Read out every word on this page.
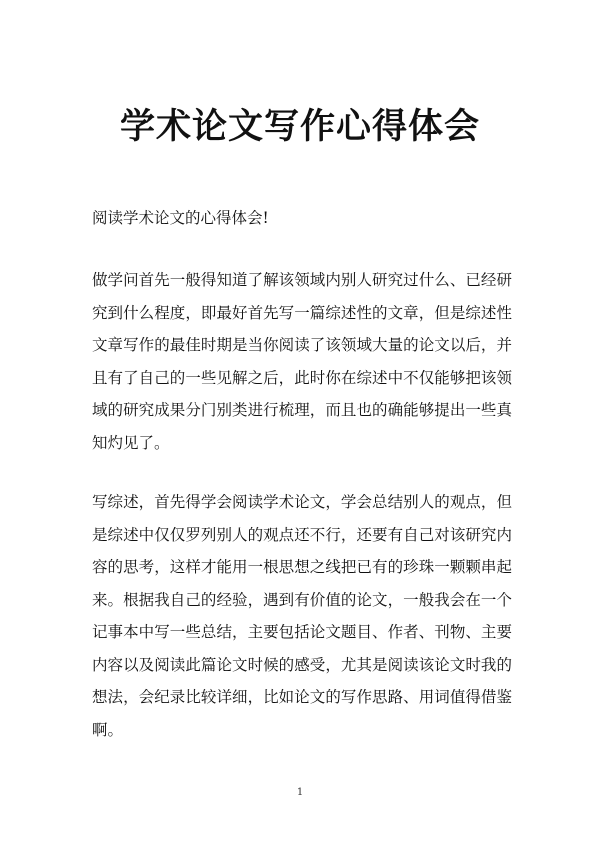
学术论文写作心得体会

阅读学术论文的心得体会!

做学问首先一般得知道了解该领域内别人研究过什么、已经研究到什么程度，即最好首先写一篇综述性的文章，但是综述性文章写作的最佳时期是当你阅读了该领域大量的论文以后，并且有了自己的一些见解之后，此时你在综述中不仅能够把该领域的研究成果分门别类进行梳理，而且也的确能够提出一些真知灼见了。

写综述，首先得学会阅读学术论文，学会总结别人的观点，但是综述中仅仅罗列别人的观点还不行，还要有自己对该研究内容的思考，这样才能用一根思想之线把已有的珍珠一颗颗串起来。根据我自己的经验，遇到有价值的论文，一般我会在一个记事本中写一些总结，主要包括论文题目、作者、刊物、主要内容以及阅读此篇论文时候的感受，尤其是阅读该论文时我的想法，会纪录比较详细，比如论文的写作思路、用词值得借鉴啊。

1
